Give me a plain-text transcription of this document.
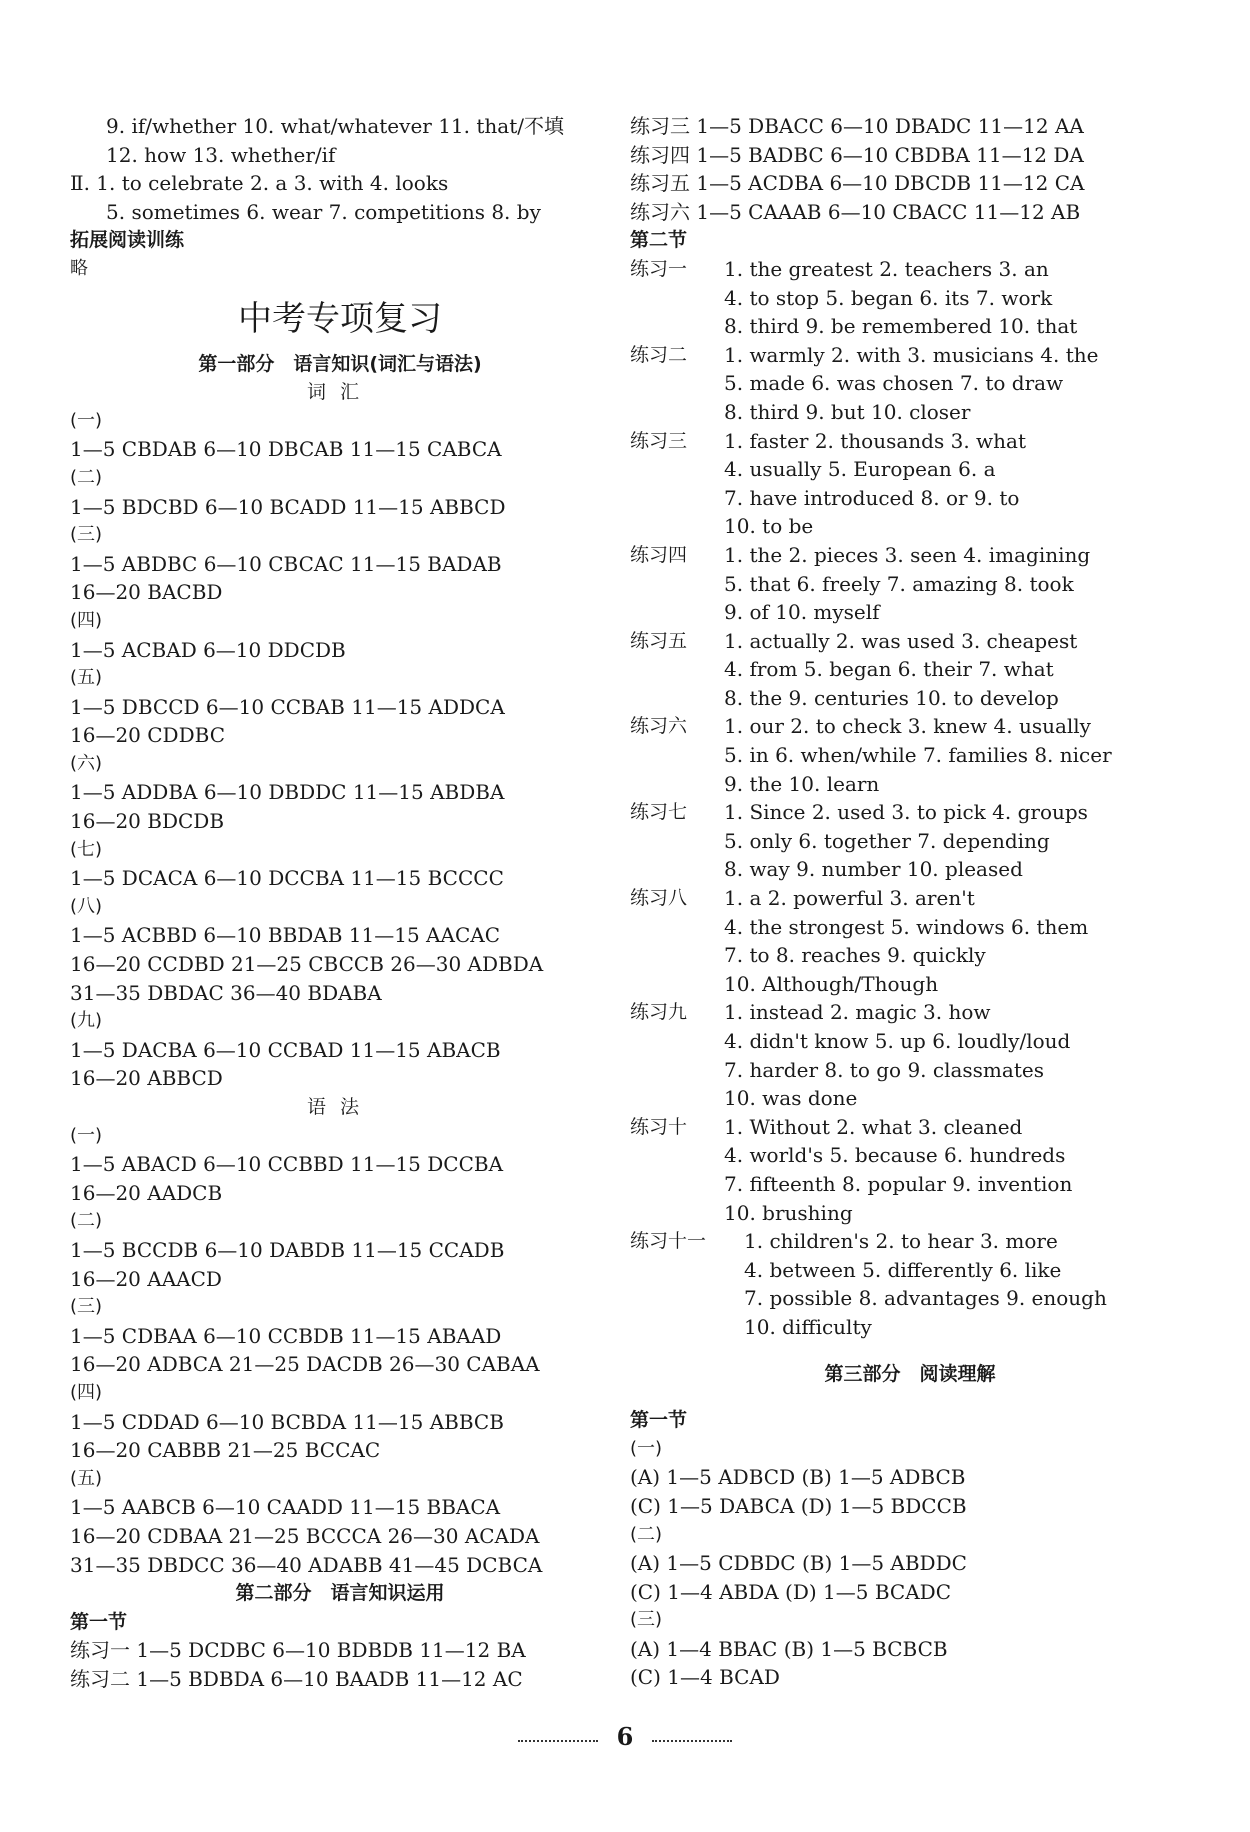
9. if/whether 10. what/whatever 11. that/不填
12. how 13. whether/if
Ⅱ. 1. to celebrate 2. a 3. with 4. looks
5. sometimes 6. wear 7. competitions 8. by
拓展阅读训练
略
中考专项复习
第一部分　语言知识(词汇与语法)
词汇
(一)
1—5 CBDAB 6—10 DBCAB 11—15 CABCA
(二)
1—5 BDCBD 6—10 BCADD 11—15 ABBCD
(三)
1—5 ABDBC 6—10 CBCAC 11—15 BADAB
16—20 BACBD
(四)
1—5 ACBAD 6—10 DDCDB
(五)
1—5 DBCCD 6—10 CCBAB 11—15 ADDCA
16—20 CDDBC
(六)
1—5 ADDBA 6—10 DBDDC 11—15 ABDBA
16—20 BDCDB
(七)
1—5 DCACA 6—10 DCCBA 11—15 BCCCC
(八)
1—5 ACBBD 6—10 BBDAB 11—15 AACAC
16—20 CCDBD 21—25 CBCCB 26—30 ADBDA
31—35 DBDAC 36—40 BDABA
(九)
1—5 DACBA 6—10 CCBAD 11—15 ABACB
16—20 ABBCD
语法
(一)
1—5 ABACD 6—10 CCBBD 11—15 DCCBA
16—20 AADCB
(二)
1—5 BCCDB 6—10 DABDB 11—15 CCADB
16—20 AAACD
(三)
1—5 CDBAA 6—10 CCBDB 11—15 ABAAD
16—20 ADBCA 21—25 DACDB 26—30 CABAA
(四)
1—5 CDDAD 6—10 BCBDA 11—15 ABBCB
16—20 CABBB 21—25 BCCAC
(五)
1—5 AABCB 6—10 CAADD 11—15 BBACA
16—20 CDBAA 21—25 BCCCA 26—30 ACADA
31—35 DBDCC 36—40 ADABB 41—45 DCBCA
第二部分　语言知识运用
第一节
练习一 1—5 DCDBC 6—10 BDBDB 11—12 BA
练习二 1—5 BDBDA 6—10 BAADB 11—12 AC
练习三 1—5 DBACC 6—10 DBADC 11—12 AA
练习四 1—5 BADBC 6—10 CBDBA 11—12 DA
练习五 1—5 ACDBA 6—10 DBCDB 11—12 CA
练习六 1—5 CAAAB 6—10 CBACC 11—12 AB
第二节
练习一	1. the greatest 2. teachers 3. an
4. to stop 5. began 6. its 7. work
8. third 9. be remembered 10. that
练习二	1. warmly 2. with 3. musicians 4. the
5. made 6. was chosen 7. to draw
8. third 9. but 10. closer
练习三	1. faster 2. thousands 3. what
4. usually 5. European 6. a
7. have introduced 8. or 9. to
10. to be
练习四	1. the 2. pieces 3. seen 4. imagining
5. that 6. freely 7. amazing 8. took
9. of 10. myself
练习五	1. actually 2. was used 3. cheapest
4. from 5. began 6. their 7. what
8. the 9. centuries 10. to develop
练习六	1. our 2. to check 3. knew 4. usually
5. in 6. when/while 7. families 8. nicer
9. the 10. learn
练习七	1. Since 2. used 3. to pick 4. groups
5. only 6. together 7. depending
8. way 9. number 10. pleased
练习八	1. a 2. powerful 3. aren't
4. the strongest 5. windows 6. them
7. to 8. reaches 9. quickly
10. Although/Though
练习九	1. instead 2. magic 3. how
4. didn't know 5. up 6. loudly/loud
7. harder 8. to go 9. classmates
10. was done
练习十	1. Without 2. what 3. cleaned
4. world's 5. because 6. hundreds
7. fifteenth 8. popular 9. invention
10. brushing
练习十一	1. children's 2. to hear 3. more
4. between 5. differently 6. like
7. possible 8. advantages 9. enough
10. difficulty
第三部分　阅读理解
第一节
(一)
(A) 1—5 ADBCD (B) 1—5 ADBCB
(C) 1—5 DABCA (D) 1—5 BDCCB
(二)
(A) 1—5 CDBDC (B) 1—5 ABDDC
(C) 1—4 ABDA (D) 1—5 BCADC
(三)
(A) 1—4 BBAC (B) 1—5 BCBCB
(C) 1—4 BCAD
6
